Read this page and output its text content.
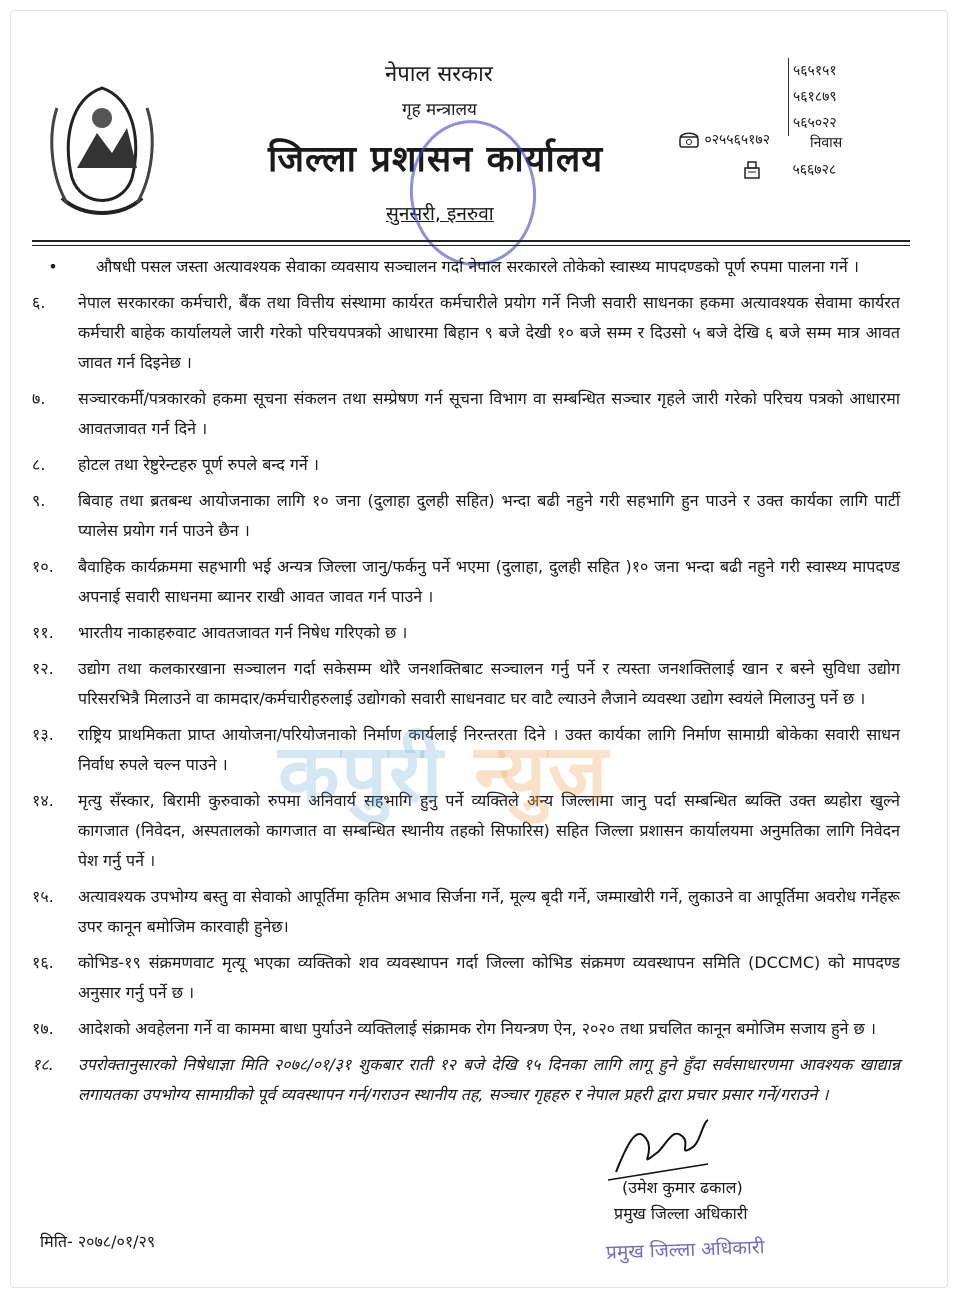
नेपाल सरकार
गृह मन्त्रालय
जिल्ला प्रशासन कार्यालय
सुनसरी, इनरुवा
५६५१५१
५६१८७९
५६५०२२
०२५५६५१७२	निवास
५६६७२८
•	औषधी पसल जस्ता अत्यावश्यक सेवाका व्यवसाय सञ्चालन गर्दा नेपाल सरकारले तोकेको स्वास्थ्य मापदण्डको पूर्ण रुपमा पालना गर्ने ।
६.	नेपाल सरकारका कर्मचारी, बैंक तथा वित्तीय संस्थामा कार्यरत कर्मचारीले प्रयोग गर्ने निजी सवारी साधनका हकमा अत्यावश्यक सेवामा कार्यरत कर्मचारी बाहेक कार्यालयले जारी गरेको परिचयपत्रको आधारमा बिहान ९ बजे देखी १० बजे सम्म र दिउसो ५ बजे देखि ६ बजे सम्म मात्र आवत जावत गर्न दिइनेछ ।
७.	सञ्चारकर्मी/पत्रकारको हकमा सूचना संकलन तथा सम्प्रेषण गर्न सूचना विभाग वा सम्बन्धित सञ्चार गृहले जारी गरेको परिचय पत्रको आधारमा आवतजावत गर्न दिने ।
८.	होटल तथा रेष्टुरेन्टहरु पूर्ण रुपले बन्द गर्ने ।
९.	बिवाह तथा ब्रतबन्ध आयोजनाका लागि १० जना (दुलाहा दुलही सहित) भन्दा बढी नहुने गरी सहभागि हुन पाउने र उक्त कार्यका लागि पार्टी प्यालेस प्रयोग गर्न पाउने छैन ।
१०.	बैवाहिक कार्यक्रममा सहभागी भई अन्यत्र जिल्ला जानु/फर्कनु पर्ने भएमा (दुलाहा, दुलही सहित )१० जना भन्दा बढी नहुने गरी स्वास्थ्य मापदण्ड अपनाई सवारी साधनमा ब्यानर राखी आवत जावत गर्न पाउने ।
११.	भारतीय नाकाहरुवाट आवतजावत गर्न निषेध गरिएको छ ।
१२.	उद्योग तथा कलकारखाना सञ्चालन गर्दा सकेसम्म थोरै जनशक्तिबाट सञ्चालन गर्नु पर्ने र त्यस्ता जनशक्तिलाई खान र बस्ने सुविधा उद्योग परिसरभित्रै मिलाउने वा कामदार/कर्मचारीहरुलाई उद्योगको सवारी साधनवाट घर वाटै ल्याउने लैजाने व्यवस्था उद्योग स्वयंले मिलाउनु पर्ने छ ।
१३.	राष्ट्रिय प्राथमिकता प्राप्त आयोजना/परियोजनाको निर्माण कार्यलाई निरन्तरता दिने । उक्त कार्यका लागि निर्माण सामाग्री बोकेका सवारी साधन निर्वाध रुपले चल्न पाउने ।
१४.	मृत्यु सँस्कार, बिरामी कुरुवाको रुपमा अनिवार्य सहभागि हुनु पर्ने व्यक्तिले अन्य जिल्लामा जानु पर्दा सम्बन्धित ब्यक्ति उक्त ब्यहोरा खुल्ने कागजात (निवेदन, अस्पतालको कागजात वा सम्बन्धित स्थानीय तहको सिफारिस) सहित जिल्ला प्रशासन कार्यालयमा अनुमतिका लागि निवेदन पेश गर्नु पर्ने ।
१५.	अत्यावश्यक उपभोग्य बस्तु वा सेवाको आपूर्तिमा कृतिम अभाव सिर्जना गर्ने, मूल्य बृदी गर्ने, जम्माखोरी गर्ने, लुकाउने वा आपूर्तिमा अवरोध गर्नेहरू उपर कानून बमोजिम कारवाही हुनेछ।
१६.	कोभिड-१९ संक्रमणवाट मृत्यू भएका व्यक्तिको शव व्यवस्थापन गर्दा जिल्ला कोभिड संक्रमण व्यवस्थापन समिति (DCCMC) को मापदण्ड अनुसार गर्नु पर्ने छ ।
१७.	आदेशको अवहेलना गर्ने वा काममा बाधा पुर्याउने व्यक्तिलाई संक्रामक रोग नियन्त्रण ऐन, २०२० तथा प्रचलित कानून बमोजिम सजाय हुने छ ।
१८.	उपरोक्तानुसारको निषेधाज्ञा मिति २०७८/०१/३१ शुकबार राती १२ बजे देखि १५ दिनका लागि लागू हुने हुँदा सर्वसाधारणमा आवश्यक खाद्यान्न लगायतका उपभोग्य सामाग्रीको पूर्व व्यवस्थापन गर्न/गराउन स्थानीय तह, सञ्चार गृहहरु र नेपाल प्रहरी द्वारा प्रचार प्रसार गर्ने/गराउने ।
कपुरी न्युज
(उमेश कुमार ढकाल)
प्रमुख जिल्ला अधिकारी
मिति- २०७८/०१/२९	प्रमुख जिल्ला अधिकारी
